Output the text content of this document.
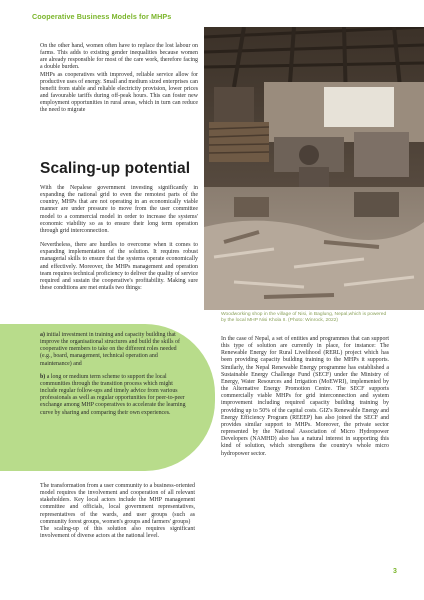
Cooperative Business Models for MHPs

On the other hand, women often have to replace the lost labour on farms. This adds to existing gender inequalities because women are already responsible for most of the care work, therefore facing a double burden.

MHPs as cooperatives with improved, reliable service allow for productive uses of energy. Small and medium sized enterprises can benefit from stable and reliable electricity provision, lower prices and favourable tariffs during off-peak hours. This can foster new employment opportunities in rural areas, which in turn can reduce the need to migrate

Scaling-up potential

With the Nepalese government investing significantly in expanding the national grid to even the remotest parts of the country, MHPs that are not operating in an economically viable manner are under pressure to move from the user committee model to a commercial model in order to increase the systems' economic viability so as to ensure their long term operation through grid interconnection.

Nevertheless, there are hurdles to overcome when it comes to expanding implementation of the solution. It requires robust managerial skills to ensure that the systems operate economically and effectively. Moreover, the MHPs management and operation team requires technical proficiency to deliver the quality of service required and sustain the cooperative's profitability. Making sure these conditions are met entails two things:

Woodworking shop in the village of Nisi, in Baglung, Nepal,which is powered by the local MHP Nisi Khola II. (Photo: Winrock, 2022)

a) initial investment in training and capacity building that improve the organisational structures and build the skills of cooperative members to take on the different roles needed (e.g., board, management, technical operation and maintenance) and

b) a long or medium term scheme to support the local communities through the transition process which might include regular follow-ups and timely advice from various professionals as well as regular opportunities for peer-to-peer exchange among MHP cooperatives to accelerate the learning curve by sharing and comparing their own experiences.

In the case of Nepal, a set of entities and programmes that can support this type of solution are currently in place, for instance: The Renewable Energy for Rural Livelihood (RERL) project which has been providing capacity building training to the MHPs it supports. Similarly, the Nepal Renewable Energy programme has established a Sustainable Energy Challenge Fund (SECF) under the Ministry of Energy, Water Resources and Irrigation (MoEWRI), implemented by the Alternative Energy Promotion Centre. The SECF supports commercially viable MHPs for grid interconnection and system improvement including required capacity building training by providing up to 50% of the capital costs. GIZ's Renewable Energy and Energy Efficiency Program (REEEP) has also joined the SECF and provides similar support to MHPs. Moreover, the private sector represented by the National Association of Micro Hydropower Developers (NAMHD) also has a natural interest in supporting this kind of solution, which strengthens the country's whole micro hydropower sector.

The transformation from a user community to a business-oriented model requires the involvement and cooperation of all relevant stakeholders. Key local actors include the MHP management committee and officials, local government representatives, representatives of the wards, and user groups (such as community forest groups, women's groups and farmers' groups)

The scaling-up of this solution also requires significant involvement of diverse actors at the national level.

3
